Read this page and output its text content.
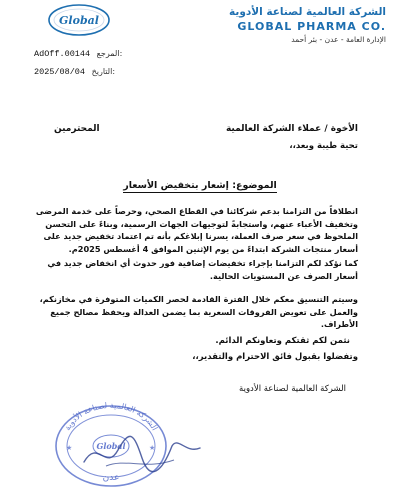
الشركة العالمية لصناعة الأدوية
GLOBAL PHARMA CO.
الإدارة العامة - عدن - بئر أحمد
Global
AdOff.00144 المرجع:
2025/08/04 التاريخ:
الأخوة / عملاء الشركة العالمية
المحترمين
تحية طيبة وبعد،،
الموضوع: إشعار بتخفيض الأسعار
انطلاقاً من التزامنا بدعم شركائنا في القطاع الصحي، وحرصاً على خدمة المرضى وتخفيف الأعباء عنهم، واستجابةً لتوجيهات الجهات الرسمية، وبناءً على التحسن الملحوظ في سعر صرف العملة، يسرنا إبلاغكم بأنه تم اعتماد تخفيض جديد على أسعار منتجات الشركة ابتداءً من يوم الإثنين الموافق 4 أغسطس 2025م.
كما نؤكد لكم التزامنا بإجراء تخفيضات إضافية فور حدوث أي انخفاض جديد في أسعار الصرف عن المستويات الحالية.
وسيتم التنسيق معكم خلال الفترة القادمة لحصر الكميات المتوفرة في مخازنكم، والعمل على تعويض الفروقات السعرية بما يضمن العدالة ويحفظ مصالح جميع الأطراف.
نثمن لكم ثقتكم وتعاونكم الدائم.
وتفضلوا بقبول فائق الاحترام والتقدير،،
الشركة العالمية لصناعة الأدوية
الشركة العالمية لصناعة الأدوية
Global
عدن
★	★
